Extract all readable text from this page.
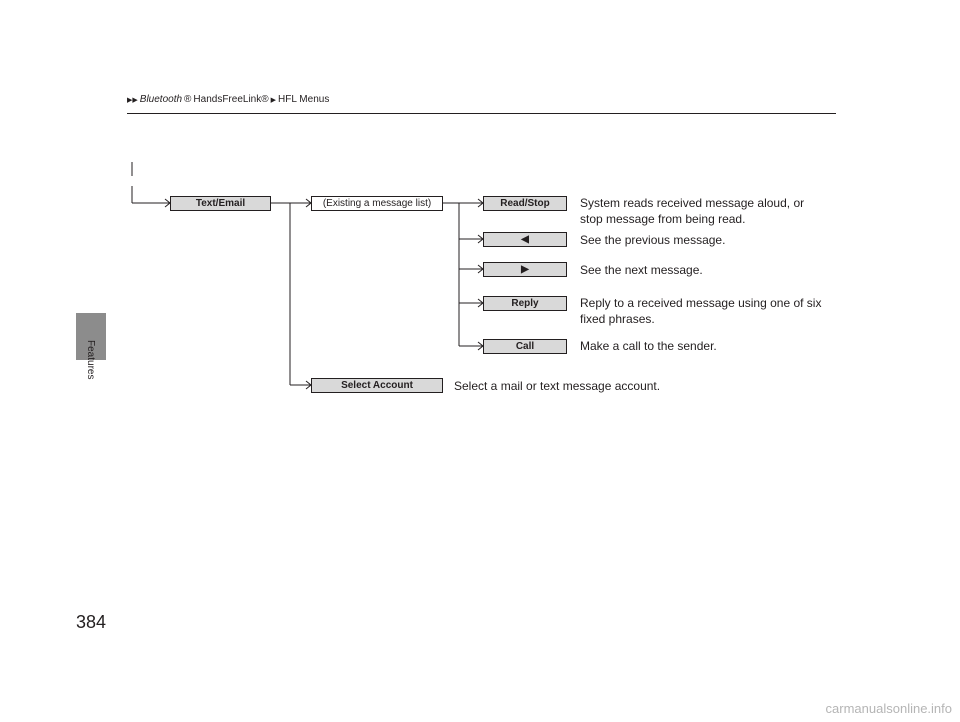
Features
▶▶ Bluetooth ® HandsFreeLink® ▶ HFL Menus
Text/Email	(Existing a message list)
Select Account
Read/Stop
◀
▶
Reply
Call
System reads received message aloud, or
stop message from being read.
See the previous message.
See the next message.
Reply to a received message using one of six
fixed phrases.
Make a call to the sender.
Select a mail or text message account.
384
carmanualsonline.info
